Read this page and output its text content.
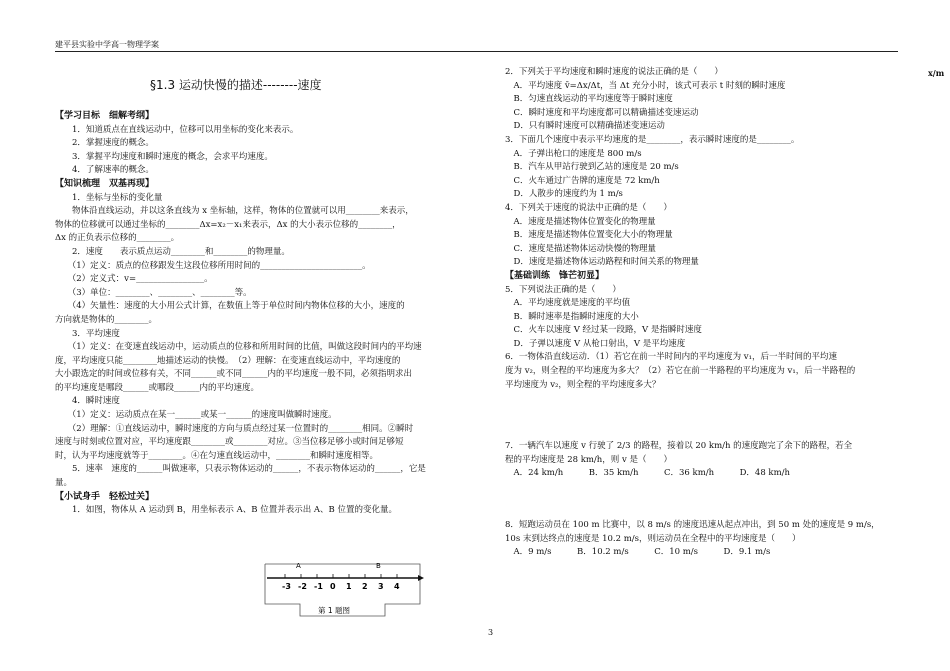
建平县实验中学高一物理学案
§1.3 运动快慢的描述--------速度
x/m
【学习目标　细解考纲】
　　1．知道质点在直线运动中，位移可以用坐标的变化来表示。
　　2．掌握速度的概念。
　　3．掌握平均速度和瞬时速度的概念，会求平均速度。
　　4．了解速率的概念。
【知识梳理　双基再现】
　　1．坐标与坐标的变化量
　　物体沿直线运动，并以这条直线为 x 坐标轴，这样，物体的位置就可以用________来表示，
物体的位移就可以通过坐标的________Δx=x₂－x₁来表示，Δx 的大小表示位移的________，
Δx 的正负表示位移的________。
　　2．速度　　表示质点运动________和________的物理量。
　　（1）定义：质点的位移跟发生这段位移所用时间的________________________。
　　（2）定义式：v=________________。
　　（3）单位：________、________、________等。
　　（4）矢量性：速度的大小用公式计算，在数值上等于单位时间内物体位移的大小，速度的
方向就是物体的________。
　　3．平均速度
　　（1）定义：在变速直线运动中，运动质点的位移和所用时间的比值，叫做这段时间内的平均速
度，平均速度只能________地描述运动的快慢。　（2）理解：在变速直线运动中，平均速度的
大小跟选定的时间或位移有关，不同______或不同______内的平均速度一般不同，必须指明求出
的平均速度是哪段______或哪段______内的平均速度。
　　4．瞬时速度
　　（1）定义：运动质点在某一______或某一______的速度叫做瞬时速度。
　　（2）理解：①直线运动中，瞬时速度的方向与质点经过某一位置时的________相同。②瞬时
速度与时刻或位置对应，平均速度跟________或________对应。③当位移足够小或时间足够短
时，认为平均速度就等于________。④在匀速直线运动中，________和瞬时速度相等。
　　5．速率　速度的______叫做速率，只表示物体运动的______，不表示物体运动的______，它是
量。
【小试身手　轻松过关】
　　1．如图，物体从 A 运动到 B，用坐标表示 A、B 位置并表示出 A、B 位置的变化量。
2．下列关于平均速度和瞬时速度的说法正确的是（　　）
　A．平均速度 v̄=Δx/Δt，当 Δt 充分小时，该式可表示 t 时刻的瞬时速度
　B．匀速直线运动的平均速度等于瞬时速度
　C．瞬时速度和平均速度都可以精确描述变速运动
　D．只有瞬时速度可以精确描述变速运动
3．下面几个速度中表示平均速度的是________，表示瞬时速度的是________。
　A．子弹出枪口的速度是 800 m/s
　B．汽车从甲站行驶到乙站的速度是 20 m/s
　C．火车通过广告牌的速度是 72 km/h
　D．人散步的速度约为 1 m/s
4．下列关于速度的说法中正确的是（　　）
　A．速度是描述物体位置变化的物理量
　B．速度是描述物体位置变化大小的物理量
　C．速度是描述物体运动快慢的物理量
　D．速度是描述物体运动路程和时间关系的物理量
【基础训练　锋芒初显】
5．下列说法正确的是（　　）
　A．平均速度就是速度的平均值
　B．瞬时速率是指瞬时速度的大小
　C．火车以速度 V 经过某一段路，V 是指瞬时速度
　D．子弹以速度 V 从枪口射出，V 是平均速度
6．一物体沿直线运动．（1）若它在前一半时间内的平均速度为 v₁，后一半时间的平均速
度为 v₂，则全程的平均速度为多大？（2）若它在前一半路程的平均速度为 v₁，后一半路程的
平均速度为 v₂，则全程的平均速度多大？
7．一辆汽车以速度 v 行驶了 2/3 的路程，接着以 20 km/h 的速度跑完了余下的路程，若全
程的平均速度是 28 km/h，则 v 是（　　）
　A．24 km/h　　　B．35 km/h　　　C．36 km/h　　　D．48 km/h
8．短跑运动员在 100 m 比赛中，以 8 m/s 的速度迅速从起点冲出，到 50 m 处的速度是 9 m/s，
10s 末到达终点的速度是 10.2 m/s，则运动员在全程中的平均速度是（　　）
　A．9 m/s　　　B．10.2 m/s　　　C．10 m/s　　　D．9.1 m/s
-3 -2 -1 0 1 2 3 4
A	B
第 1 题图
3
